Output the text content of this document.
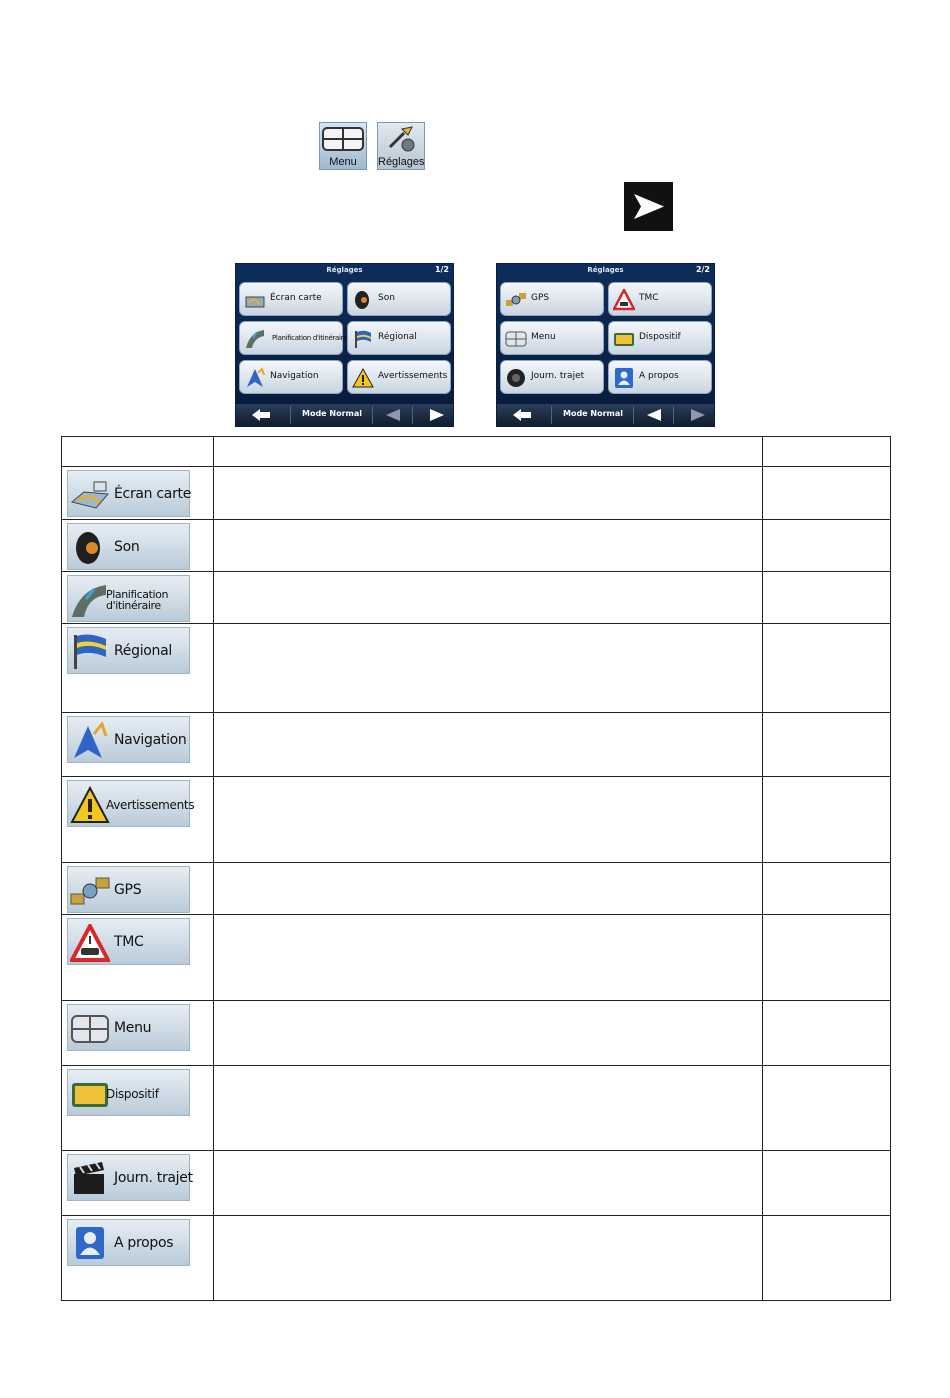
Menu	Réglages
Réglages	1/2
Écran carte	Son
Planification d'itinéraire	Régional
Navigation	Avertissements
Mode Normal
Réglages	2/2
GPS	TMC
Menu	Dispositif
Journ. trajet	A propos
Mode Normal

Écran carte		

Son		

Planification
d'itinéraire		

Régional		

Navigation		

Avertissements		

GPS		

TMC		

Menu		

Dispositif		

Journ. trajet		

A propos		
